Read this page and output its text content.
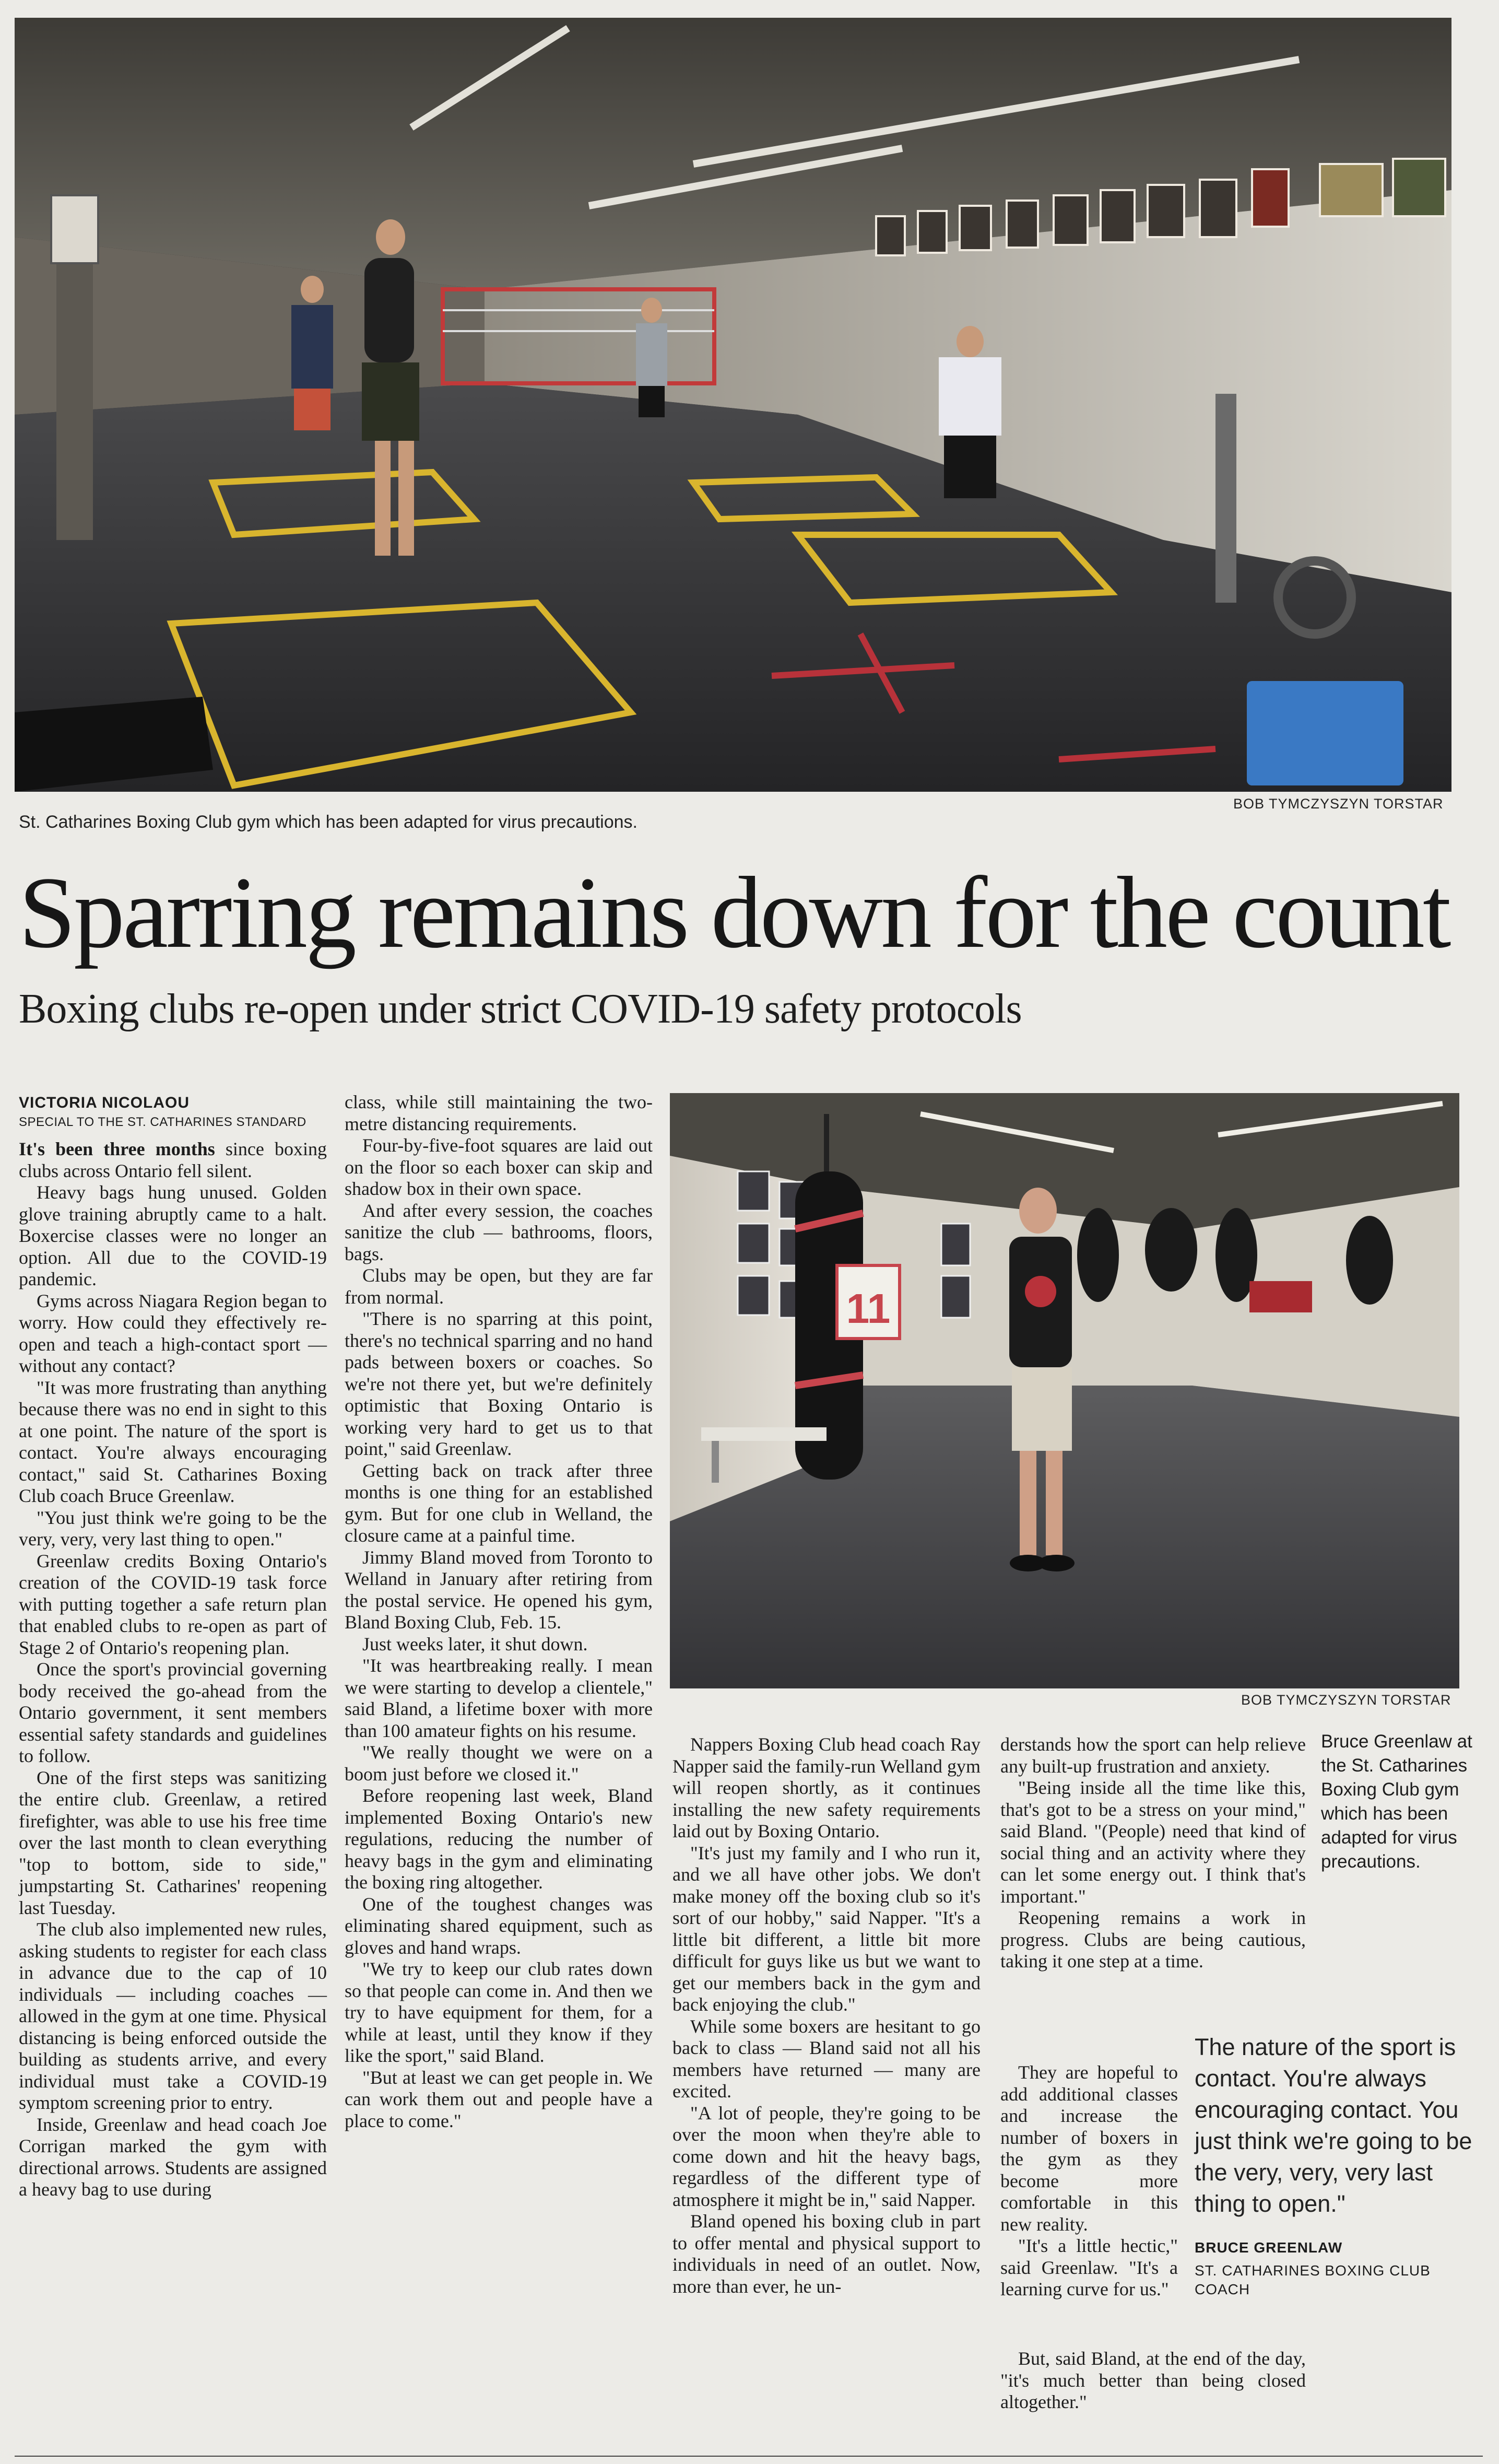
BOB TYMCZYSZYN TORSTAR
St. Catharines Boxing Club gym which has been adapted for virus precautions.
Sparring remains down for the count
Boxing clubs re-open under strict COVID-19 safety protocols
VICTORIA NICOLAOU
SPECIAL TO THE ST. CATHARINES STANDARD
11
BOB TYMCZYSZYN TORSTAR

It's been three months since boxing clubs across Ontario fell silent.

Heavy bags hung unused. Golden glove training abruptly came to a halt. Boxercise classes were no longer an option. All due to the COVID-19 pandemic.

Gyms across Niagara Region began to worry. How could they effectively re-open and teach a high-contact sport — without any contact?

"It was more frustrating than anything because there was no end in sight to this at one point. The nature of the sport is contact. You're always encouraging contact," said St. Catharines Boxing Club coach Bruce Greenlaw.

"You just think we're going to be the very, very, very last thing to open."

Greenlaw credits Boxing Ontario's creation of the COVID-19 task force with putting together a safe return plan that enabled clubs to re-open as part of Stage 2 of Ontario's reopening plan.

Once the sport's provincial governing body received the go-ahead from the Ontario government, it sent members essential safety standards and guidelines to follow.

One of the first steps was sanitizing the entire club. Greenlaw, a retired firefighter, was able to use his free time over the last month to clean everything "top to bottom, side to side," jumpstarting St. Catharines' reopening last Tuesday.

The club also implemented new rules, asking students to register for each class in advance due to the cap of 10 individuals — including coaches — allowed in the gym at one time. Physical distancing is being enforced outside the building as students arrive, and every individual must take a COVID-19 symptom screening prior to entry.

Inside, Greenlaw and head coach Joe Corrigan marked the gym with directional arrows. Students are assigned a heavy bag to use during

class, while still maintaining the two-metre distancing requirements.

Four-by-five-foot squares are laid out on the floor so each boxer can skip and shadow box in their own space.

And after every session, the coaches sanitize the club — bathrooms, floors, bags.

Clubs may be open, but they are far from normal.

"There is no sparring at this point, there's no technical sparring and no hand pads between boxers or coaches. So we're not there yet, but we're definitely optimistic that Boxing Ontario is working very hard to get us to that point," said Greenlaw.

Getting back on track after three months is one thing for an established gym. But for one club in Welland, the closure came at a painful time.

Jimmy Bland moved from Toronto to Welland in January after retiring from the postal service. He opened his gym, Bland Boxing Club, Feb. 15.

Just weeks later, it shut down.

"It was heartbreaking really. I mean we were starting to develop a clientele," said Bland, a lifetime boxer with more than 100 amateur fights on his resume.

"We really thought we were on a boom just before we closed it."

Before reopening last week, Bland implemented Boxing Ontario's new regulations, reducing the number of heavy bags in the gym and eliminating the boxing ring altogether.

One of the toughest changes was eliminating shared equipment, such as gloves and hand wraps.

"We try to keep our club rates down so that people can come in. And then we try to have equipment for them, for a while at least, until they know if they like the sport," said Bland.

"But at least we can get people in. We can work them out and people have a place to come."

Nappers Boxing Club head coach Ray Napper said the family-run Welland gym will reopen shortly, as it continues installing the new safety requirements laid out by Boxing Ontario.

"It's just my family and I who run it, and we all have other jobs. We don't make money off the boxing club so it's sort of our hobby," said Napper. "It's a little bit different, a little bit more difficult for guys like us but we want to get our members back in the gym and back enjoying the club."

While some boxers are hesitant to go back to class — Bland said not all his members have returned — many are excited.

"A lot of people, they're going to be over the moon when they're able to come down and hit the heavy bags, regardless of the different type of atmosphere it might be in," said Napper.

Bland opened his boxing club in part to offer mental and physical support to individuals in need of an outlet. Now, more than ever, he un-

derstands how the sport can help relieve any built-up frustration and anxiety.

"Being inside all the time like this, that's got to be a stress on your mind," said Bland. "(People) need that kind of social thing and an activity where they can let some energy out. I think that's important."

Reopening remains a work in progress. Clubs are being cautious, taking it one step at a time.

They are hopeful to add additional classes and increase the number of boxers in the gym as they become more comfortable in this new reality.

"It's a little hectic," said Greenlaw. "It's a learning curve for us."

But, said Bland, at the end of the day, "it's much better than being closed altogether."

Bruce Greenlaw at the St. Catharines Boxing Club gym which has been adapted for virus precautions.
The nature of the sport is contact. You're always encouraging contact. You just think we're going to be the very, very, very last thing to open."
BRUCE GREENLAW
ST. CATHARINES BOXING CLUB COACH
